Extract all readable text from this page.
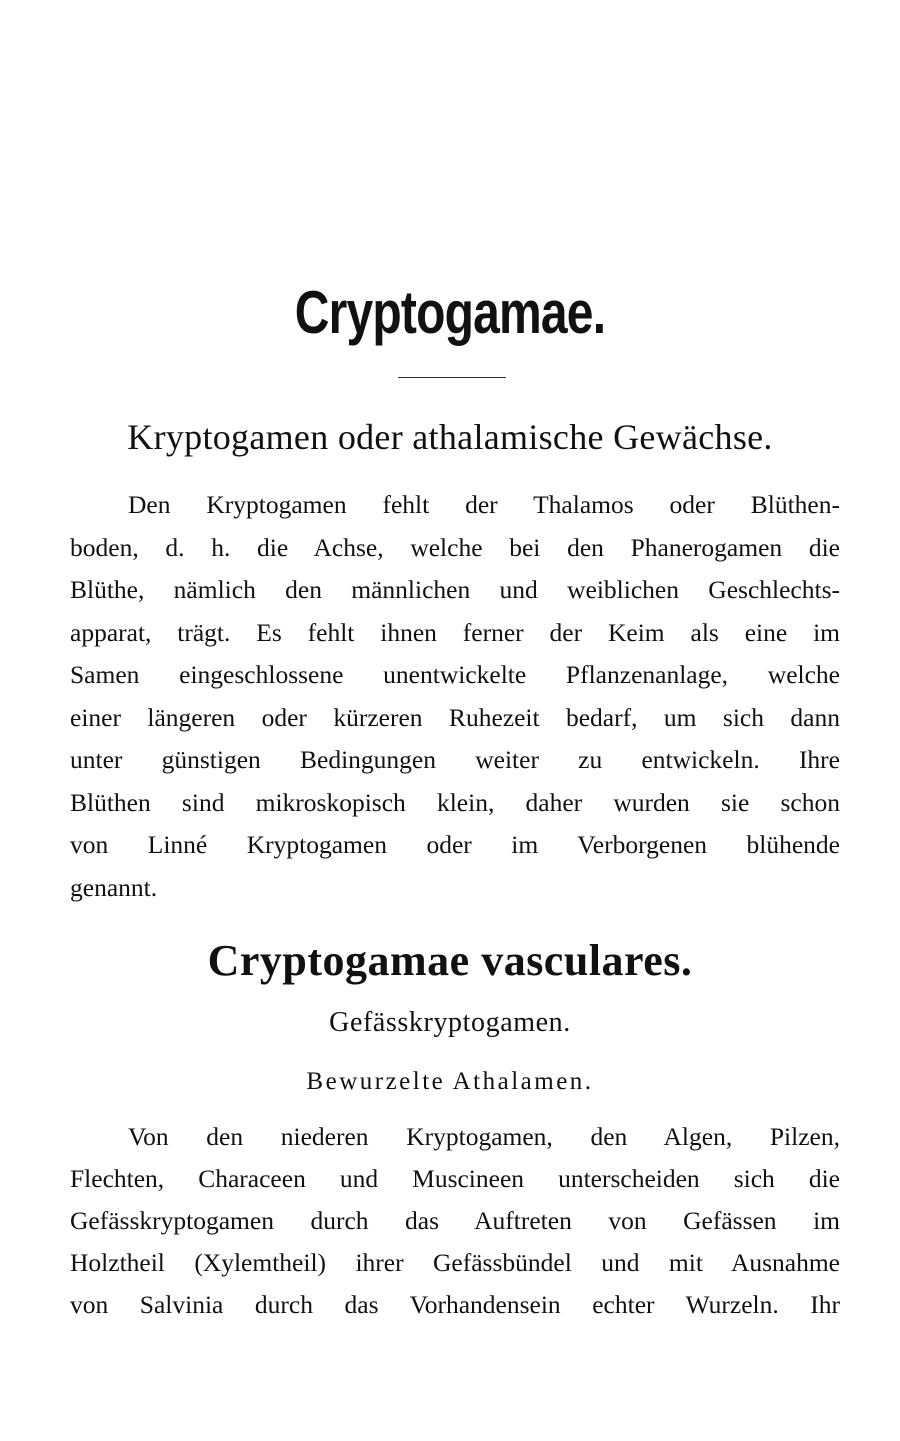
Cryptogamae.
Kryptogamen oder athalamische Gewächse.
Den Kryptogamen fehlt der Thalamos oder Blüthen-
boden, d. h. die Achse, welche bei den Phanerogamen die
Blüthe, nämlich den männlichen und weiblichen Geschlechts-
apparat, trägt. Es fehlt ihnen ferner der Keim als eine im
Samen eingeschlossene unentwickelte Pflanzenanlage, welche
einer längeren oder kürzeren Ruhezeit bedarf, um sich dann
unter günstigen Bedingungen weiter zu entwickeln. Ihre
Blüthen sind mikroskopisch klein, daher wurden sie schon
von Linné Kryptogamen oder im Verborgenen blühende
genannt.
Cryptogamae vasculares.
Gefässkryptogamen.
Bewurzelte Athalamen.
Von den niederen Kryptogamen, den Algen, Pilzen,
Flechten, Characeen und Muscineen unterscheiden sich die
Gefässkryptogamen durch das Auftreten von Gefässen im
Holztheil (Xylemtheil) ihrer Gefässbündel und mit Ausnahme
von Salvinia durch das Vorhandensein echter Wurzeln. Ihr
